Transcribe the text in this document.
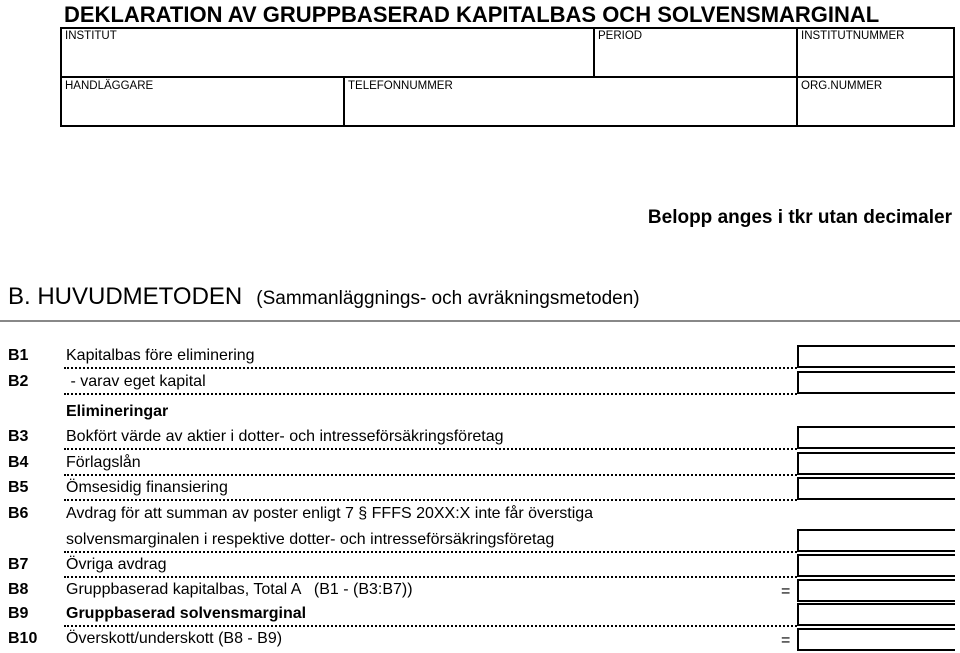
DEKLARATION AV GRUPPBASERAD KAPITALBAS OCH SOLVENSMARGINAL
INSTITUT	PERIOD	INSTITUTNUMMER
HANDLÄGGARE	TELEFONNUMMER	ORG.NUMMER
Belopp anges i tkr utan decimaler
B. HUVUDMETODEN (Sammanläggnings- och avräkningsmetoden)
B1 Kapitalbas före eliminering
B2 - varav eget kapital
Elimineringar
B3 Bokfört värde av aktier i dotter- och intresseförsäkringsföretag
B4 Förlagslån
B5 Ömsesidig finansiering
B6 Avdrag för att summan av poster enligt 7 § FFFS 20XX:X inte får överstiga
solvensmarginalen i respektive dotter- och intresseförsäkringsföretag
B7 Övriga avdrag
B8 Gruppbaserad kapitalbas, Total A   (B1 - (B3:B7))	=
B9 Gruppbaserad solvensmarginal
B10 Överskott/underskott (B8 - B9)	=
